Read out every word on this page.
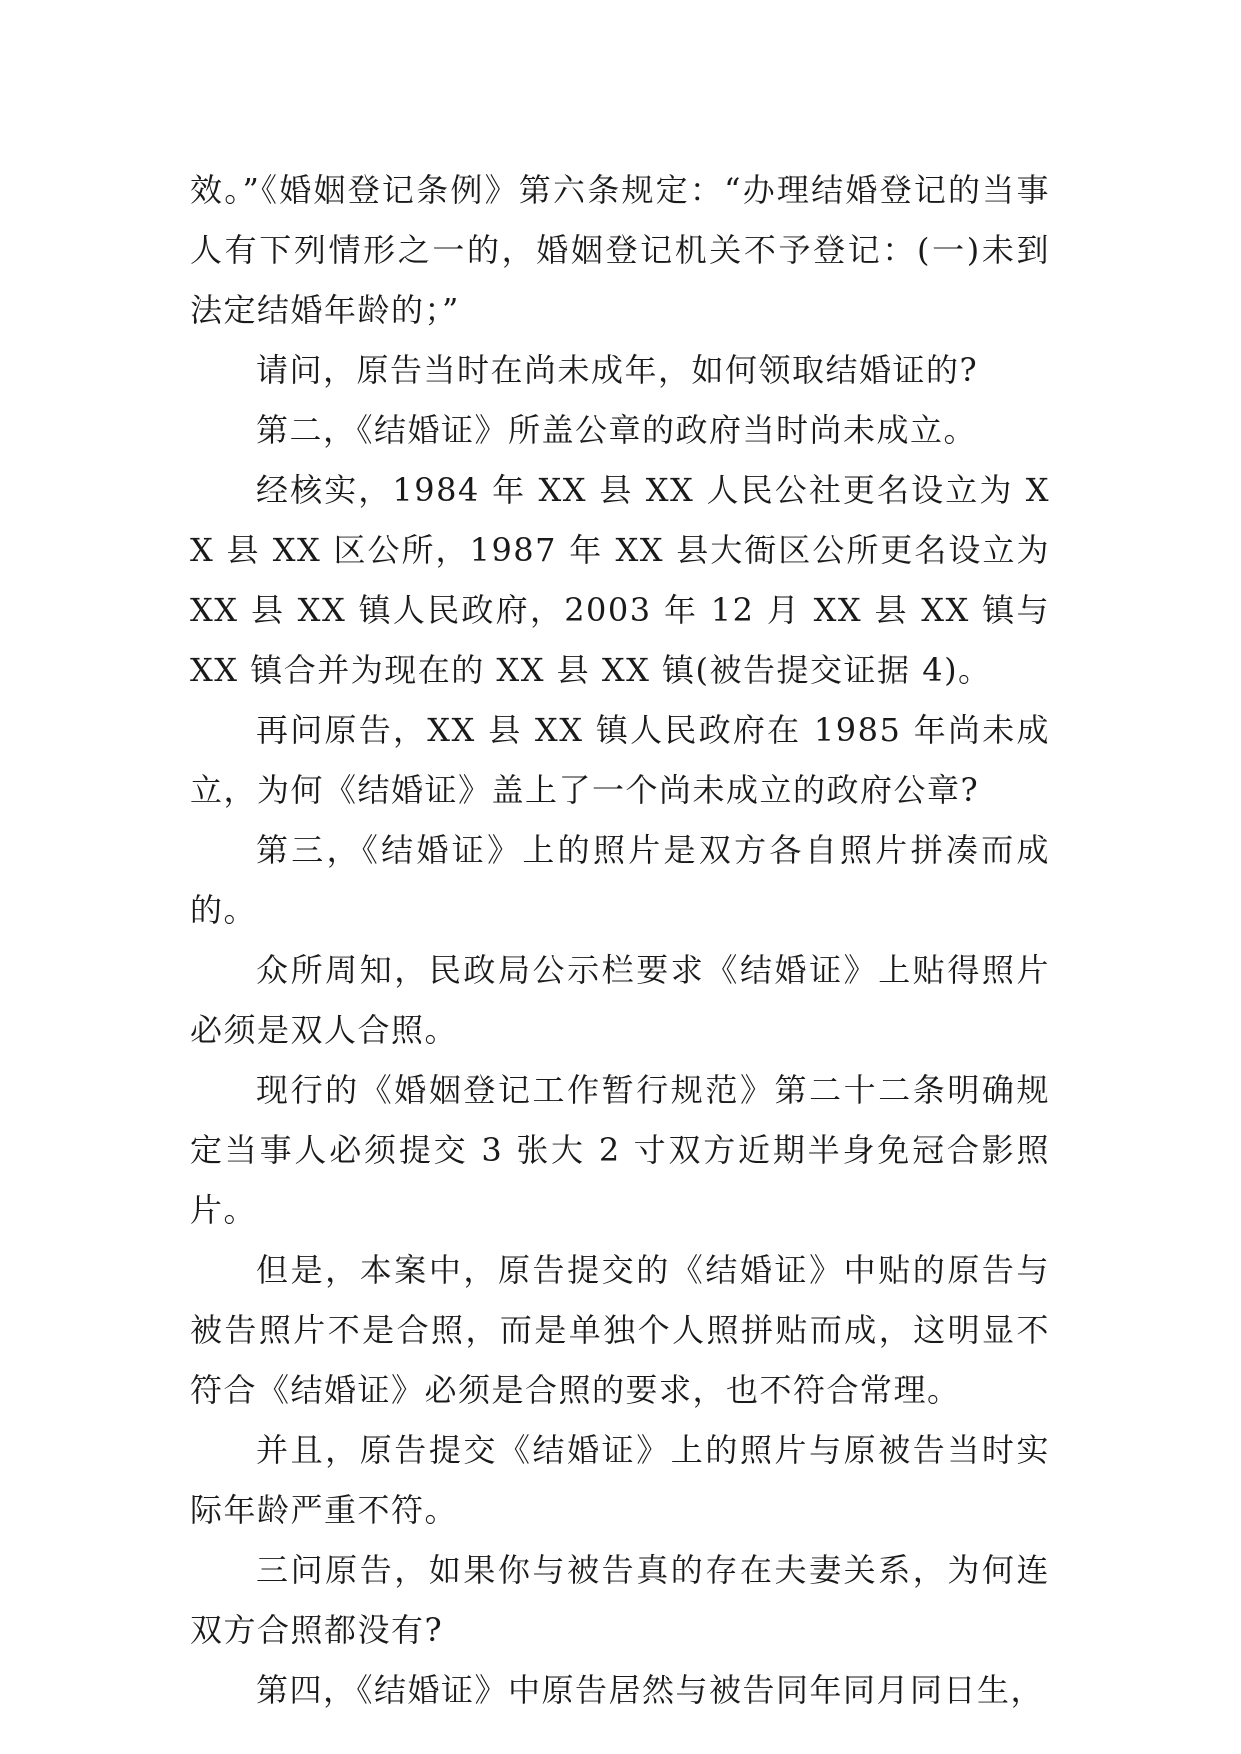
效。”《婚姻登记条例》第六条规定：“办理结婚登记的当事人有下列情形之一的，婚姻登记机关不予登记：(一)未到法定结婚年龄的；”

请问，原告当时在尚未成年，如何领取结婚证的?

第二，《结婚证》所盖公章的政府当时尚未成立。

经核实，1984 年 XX 县 XX 人民公社更名设立为 XX 县 XX 区公所，1987 年 XX 县大衙区公所更名设立为 XX 县 XX 镇人民政府，2003 年 12 月 XX 县 XX 镇与 XX 镇合并为现在的 XX 县 XX 镇(被告提交证据 4)。

再问原告，XX 县 XX 镇人民政府在 1985 年尚未成立，为何《结婚证》盖上了一个尚未成立的政府公章?

第三，《结婚证》上的照片是双方各自照片拼凑而成的。

众所周知，民政局公示栏要求《结婚证》上贴得照片必须是双人合照。

现行的《婚姻登记工作暂行规范》第二十二条明确规定当事人必须提交 3 张大 2 寸双方近期半身免冠合影照片。

但是，本案中，原告提交的《结婚证》中贴的原告与被告照片不是合照，而是单独个人照拼贴而成，这明显不符合《结婚证》必须是合照的要求，也不符合常理。

并且，原告提交《结婚证》上的照片与原被告当时实际年龄严重不符。

三问原告，如果你与被告真的存在夫妻关系，为何连双方合照都没有?

第四，《结婚证》中原告居然与被告同年同月同日生，
